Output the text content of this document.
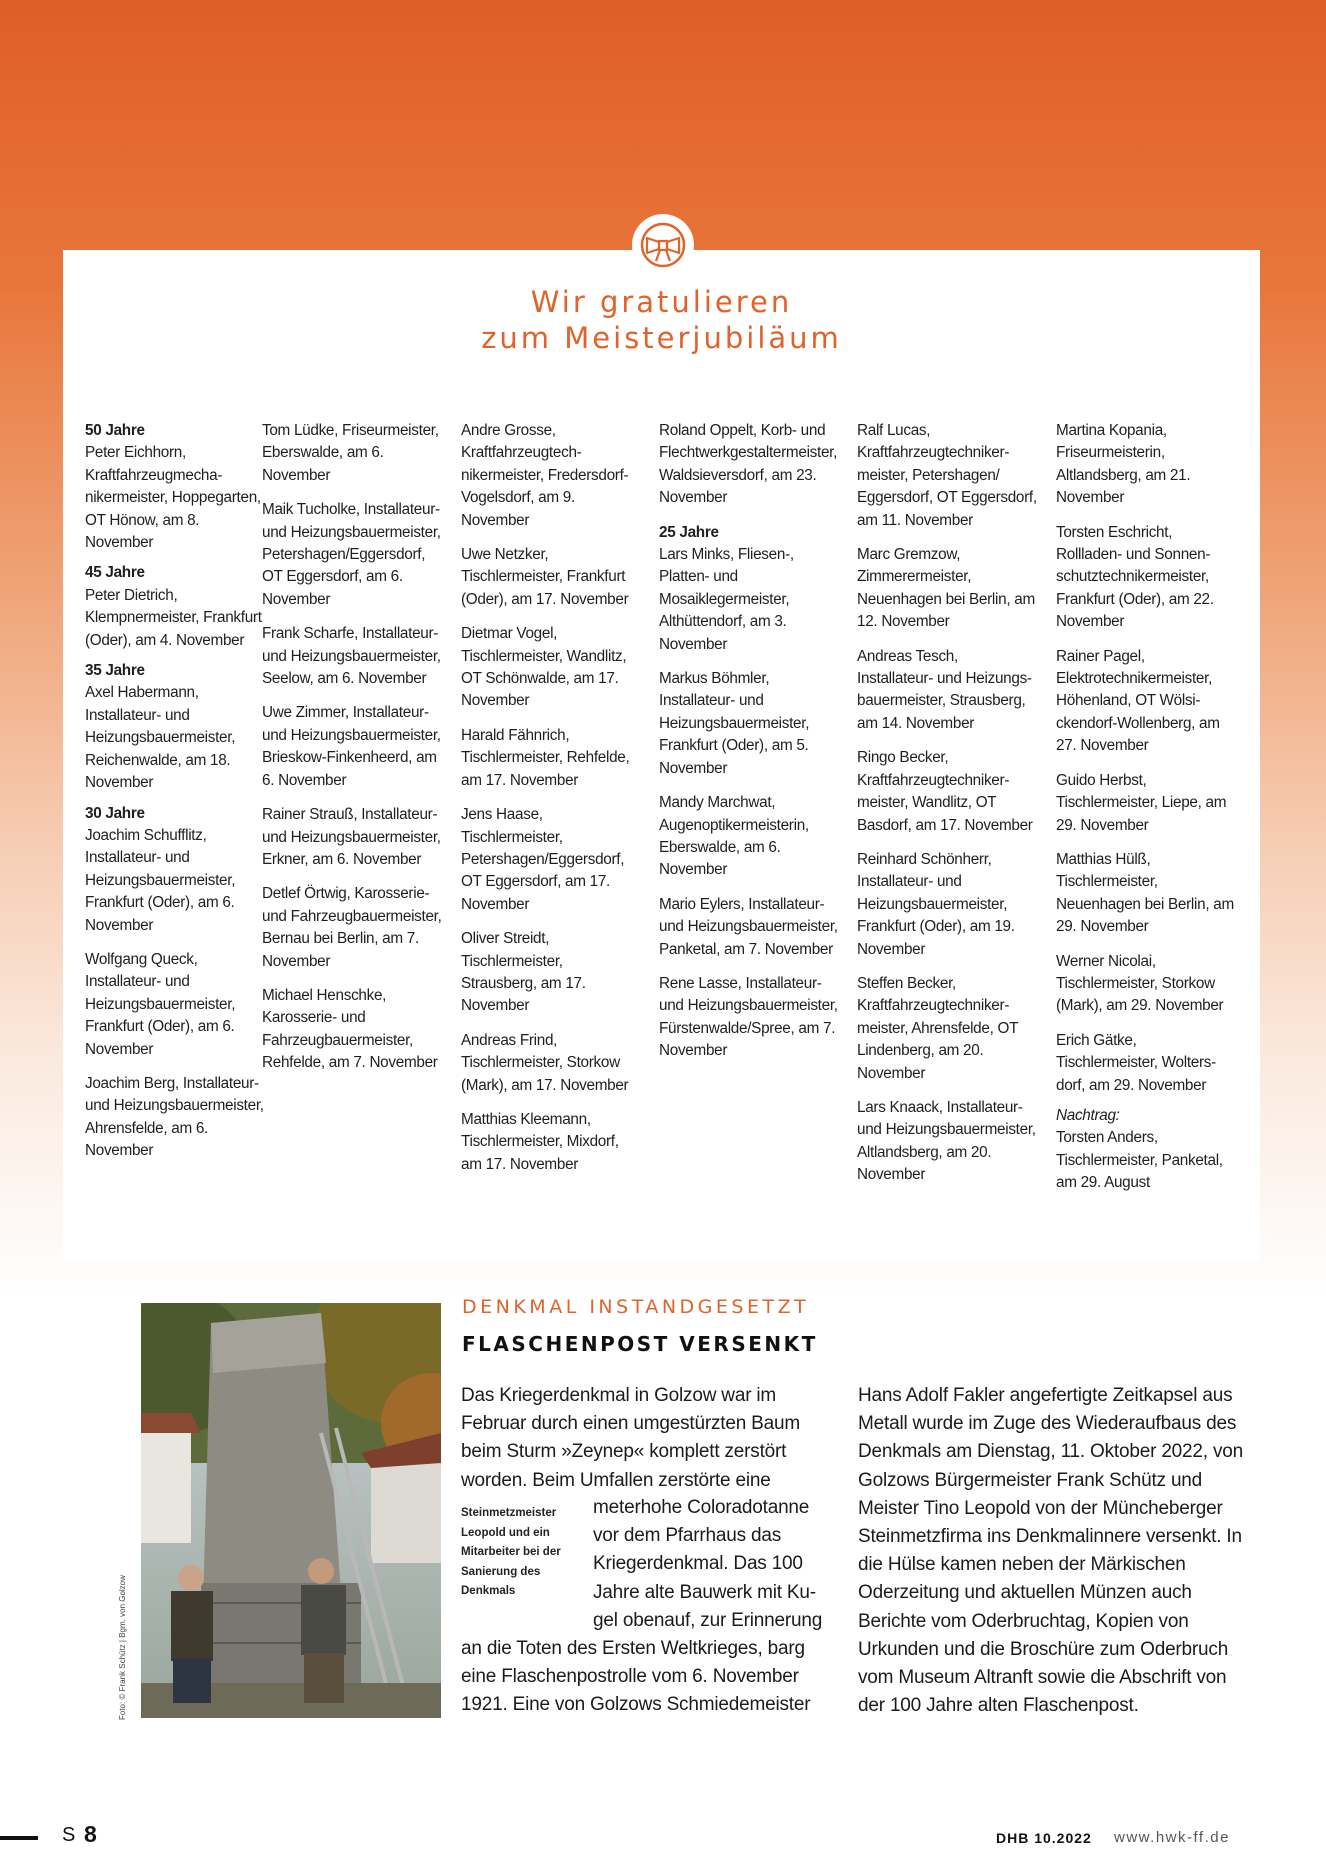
Wir gratulieren
zum Meisterjubiläum
50 Jahre
Peter Eichhorn, Kraftfahrzeugmechanikermeister, Hoppegarten, OT Hönow, am 8. November
45 Jahre
Peter Dietrich, Klempnermeister, Frankfurt (Oder), am 4. November
35 Jahre
Axel Habermann, Installateur- und Heizungsbauermeister, Reichenwalde, am 18. November
30 Jahre
Joachim Schufflitz, Installateur- und Heizungsbauermeister, Frankfurt (Oder), am 6. November
Wolfgang Queck, Installateur- und Heizungsbauermeister, Frankfurt (Oder), am 6. November
Joachim Berg, Installateur- und Heizungsbauermeister, Ahrensfelde, am 6. November
Tom Lüdke, Friseurmeister, Eberswalde, am 6. November
Maik Tucholke, Installateur- und Heizungsbauermeister, Petershagen/Eggersdorf, OT Eggersdorf, am 6. November
Frank Scharfe, Installateur- und Heizungsbauermeister, Seelow, am 6. November
Uwe Zimmer, Installateur- und Heizungsbauermeister, Brieskow-Finkenheerd, am 6. November
Rainer Strauß, Installateur- und Heizungsbauermeister, Erkner, am 6. November
Detlef Örtwig, Karosserie- und Fahrzeugbauermeister, Bernau bei Berlin, am 7. November
Michael Henschke, Karosserie- und Fahrzeugbauermeister, Rehfelde, am 7. November
Andre Grosse, Kraftfahrzeugtechnikermeister, Fredersdorf-Vogelsdorf, am 9. November
Uwe Netzker, Tischlermeister, Frankfurt (Oder), am 17. November
Dietmar Vogel, Tischlermeister, Wandlitz, OT Schönwalde, am 17. November
Harald Fähnrich, Tischlermeister, Rehfelde, am 17. November
Jens Haase, Tischlermeister, Petershagen/Eggersdorf, OT Eggersdorf, am 17. November
Oliver Streidt, Tischlermeister, Strausberg, am 17. November
Andreas Frind, Tischlermeister, Storkow (Mark), am 17. November
Matthias Kleemann, Tischlermeister, Mixdorf, am 17. November
Roland Oppelt, Korb- und Flechtwerkgestaltermeister, Waldsieversdorf, am 23. November
25 Jahre
Lars Minks, Fliesen-, Platten- und Mosaiklegermeister, Althüttendorf, am 3. November
Markus Böhmler, Installateur- und Heizungsbauermeister, Frankfurt (Oder), am 5. November
Mandy Marchwat, Augenoptikermeisterin, Eberswalde, am 6. November
Mario Eylers, Installateur- und Heizungsbauermeister, Panketal, am 7. November
Rene Lasse, Installateur- und Heizungsbauermeister, Fürstenwalde/Spree, am 7. November
Ralf Lucas, Kraftfahrzeugtechnikermeister, Petershagen/ Eggersdorf, OT Eggersdorf, am 11. November
Marc Gremzow, Zimmerermeister, Neuenhagen bei Berlin, am 12. November
Andreas Tesch, Installateur- und Heizungsbauermeister, Strausberg, am 14. November
Ringo Becker, Kraftfahrzeugtechnikermeister, Wandlitz, OT Basdorf, am 17. November
Reinhard Schönherr, Installateur- und Heizungsbauermeister, Frankfurt (Oder), am 19. November
Steffen Becker, Kraftfahrzeugtechnikermeister, Ahrensfelde, OT Lindenberg, am 20. November
Lars Knaack, Installateur- und Heizungsbauermeister, Altlandsberg, am 20. November
Martina Kopania, Friseurmeisterin, Altlandsberg, am 21. November
Torsten Eschricht, Rollladen- und Sonnenschutztechnikermeister, Frankfurt (Oder), am 22. November
Rainer Pagel, Elektrotechnikermeister, Höhenland, OT Wölsickendorf-Wollenberg, am 27. November
Guido Herbst, Tischlermeister, Liepe, am 29. November
Matthias Hülß, Tischlermeister, Neuenhagen bei Berlin, am 29. November
Werner Nicolai, Tischlermeister, Storkow (Mark), am 29. November
Erich Gätke, Tischlermeister, Woltersdorf, am 29. November
Nachtrag:
Torsten Anders, Tischlermeister, Panketal, am 29. August
Foto: © Frank Schütz | Bgm. von Golzow
DENKMAL INSTANDGESETZT
FLASCHENPOST VERSENKT
Das Kriegerdenkmal in Golzow war im Februar durch einen umgestürzten Baum beim Sturm »Zeynep« komplett zerstört worden. Beim Umfallen zerstörte eine
Steinmetzmeister Leopold und ein Mitarbeiter bei der Sanierung des Denkmals
meterhohe Coloradotanne vor dem Pfarrhaus das Kriegerdenkmal. Das 100 Jahre alte Bauwerk mit Kugel obenauf, zur Erinnerung
an die Toten des Ersten Weltkrieges, barg eine Flaschenpostrolle vom 6. November 1921. Eine von Golzows Schmiedemeister
Hans Adolf Fakler angefertigte Zeitkapsel aus Metall wurde im Zuge des Wiederaufbaus des Denkmals am Dienstag, 11. Oktober 2022, von Golzows Bürgermeister Frank Schütz und Meister Tino Leopold von der Müncheberger Steinmetzfirma ins Denkmalinnere versenkt. In die Hülse kamen neben der Märkischen Oderzeitung und aktuellen Münzen auch Berichte vom Oderbruchtag, Kopien von Urkunden und die Broschüre zum Oderbruch vom Museum Altranft sowie die Abschrift von der 100 Jahre alten Flaschenpost.
S 8	DHB 10.2022 www.hwk-ff.de
